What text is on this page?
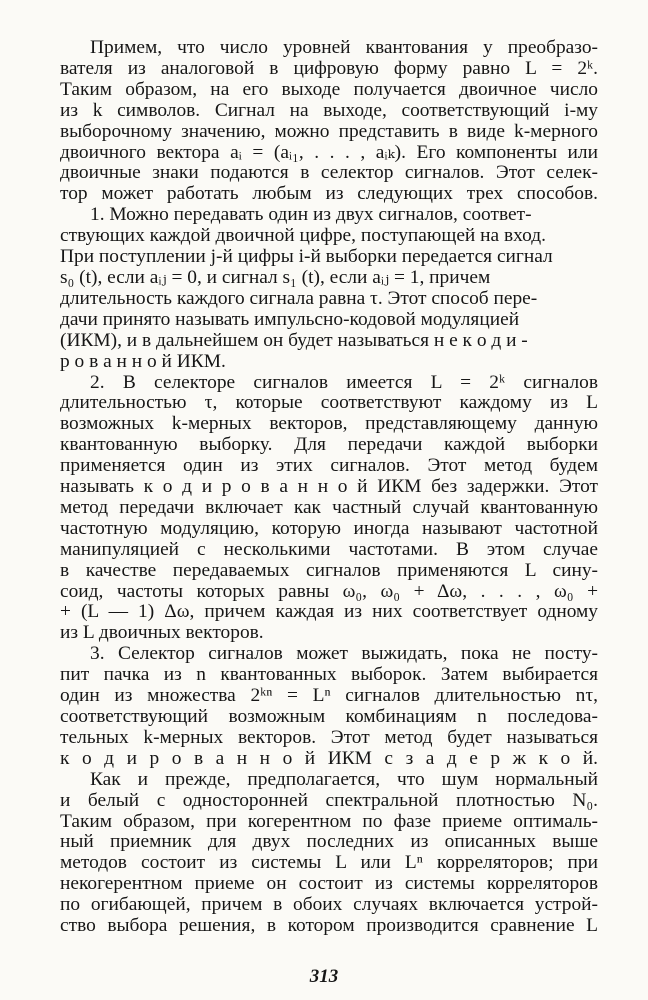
Примем, что число уровней квантования у преобразо-
вателя из аналоговой в цифровую форму равно L = 2ᵏ.
Таким образом, на его выходе получается двоичное число
из k символов. Сигнал на выходе, соответствующий i-му
выборочному значению, можно представить в виде k-мерного
двоичного вектора aᵢ = (aᵢ₁, . . . , aᵢₖ). Его компоненты или
двоичные знаки подаются в селектор сигналов. Этот селек-
тор может работать любым из следующих трех способов.

1. Можно передавать один из двух сигналов, соответ-
ствующих каждой двоичной цифре, поступающей на вход.
При поступлении j-й цифры i-й выборки передается сигнал
s₀ (t), если aᵢⱼ = 0, и сигнал s₁ (t), если aᵢⱼ = 1, причем
длительность каждого сигнала равна τ. Этот способ пере-
дачи принято называть импульсно-кодовой модуляцией
(ИКМ), и в дальнейшем он будет называться н е к о д и -
р о в а н н о й ИКМ.

2. В селекторе сигналов имеется L = 2ᵏ сигналов
длительностью τ, которые соответствуют каждому из L
возможных k-мерных векторов, представляющему данную
квантованную выборку. Для передачи каждой выборки
применяется один из этих сигналов. Этот метод будем
называть к о д и р о в а н н о й ИКМ без задержки. Этот
метод передачи включает как частный случай квантованную
частотную модуляцию, которую иногда называют частотной
манипуляцией с несколькими частотами. В этом случае
в качестве передаваемых сигналов применяются L сину-
соид, частоты которых равны ω₀, ω₀ + Δω, . . . , ω₀ +
+ (L — 1) Δω, причем каждая из них соответствует одному
из L двоичных векторов.

3. Селектор сигналов может выжидать, пока не посту-
пит пачка из n квантованных выборок. Затем выбирается
один из множества 2ᵏⁿ = Lⁿ сигналов длительностью nτ,
соответствующий возможным комбинациям n последова-
тельных k-мерных векторов. Этот метод будет называться
к о д и р о в а н н о й ИКМ с з а д е р ж к о й.

Как и прежде, предполагается, что шум нормальный
и белый с односторонней спектральной плотностью N₀.
Таким образом, при когерентном по фазе приеме оптималь-
ный приемник для двух последних из описанных выше
методов состоит из системы L или Lⁿ корреляторов; при
некогерентном приеме он состоит из системы корреляторов
по огибающей, причем в обоих случаях включается устрой-
ство выбора решения, в котором производится сравнение L

313
